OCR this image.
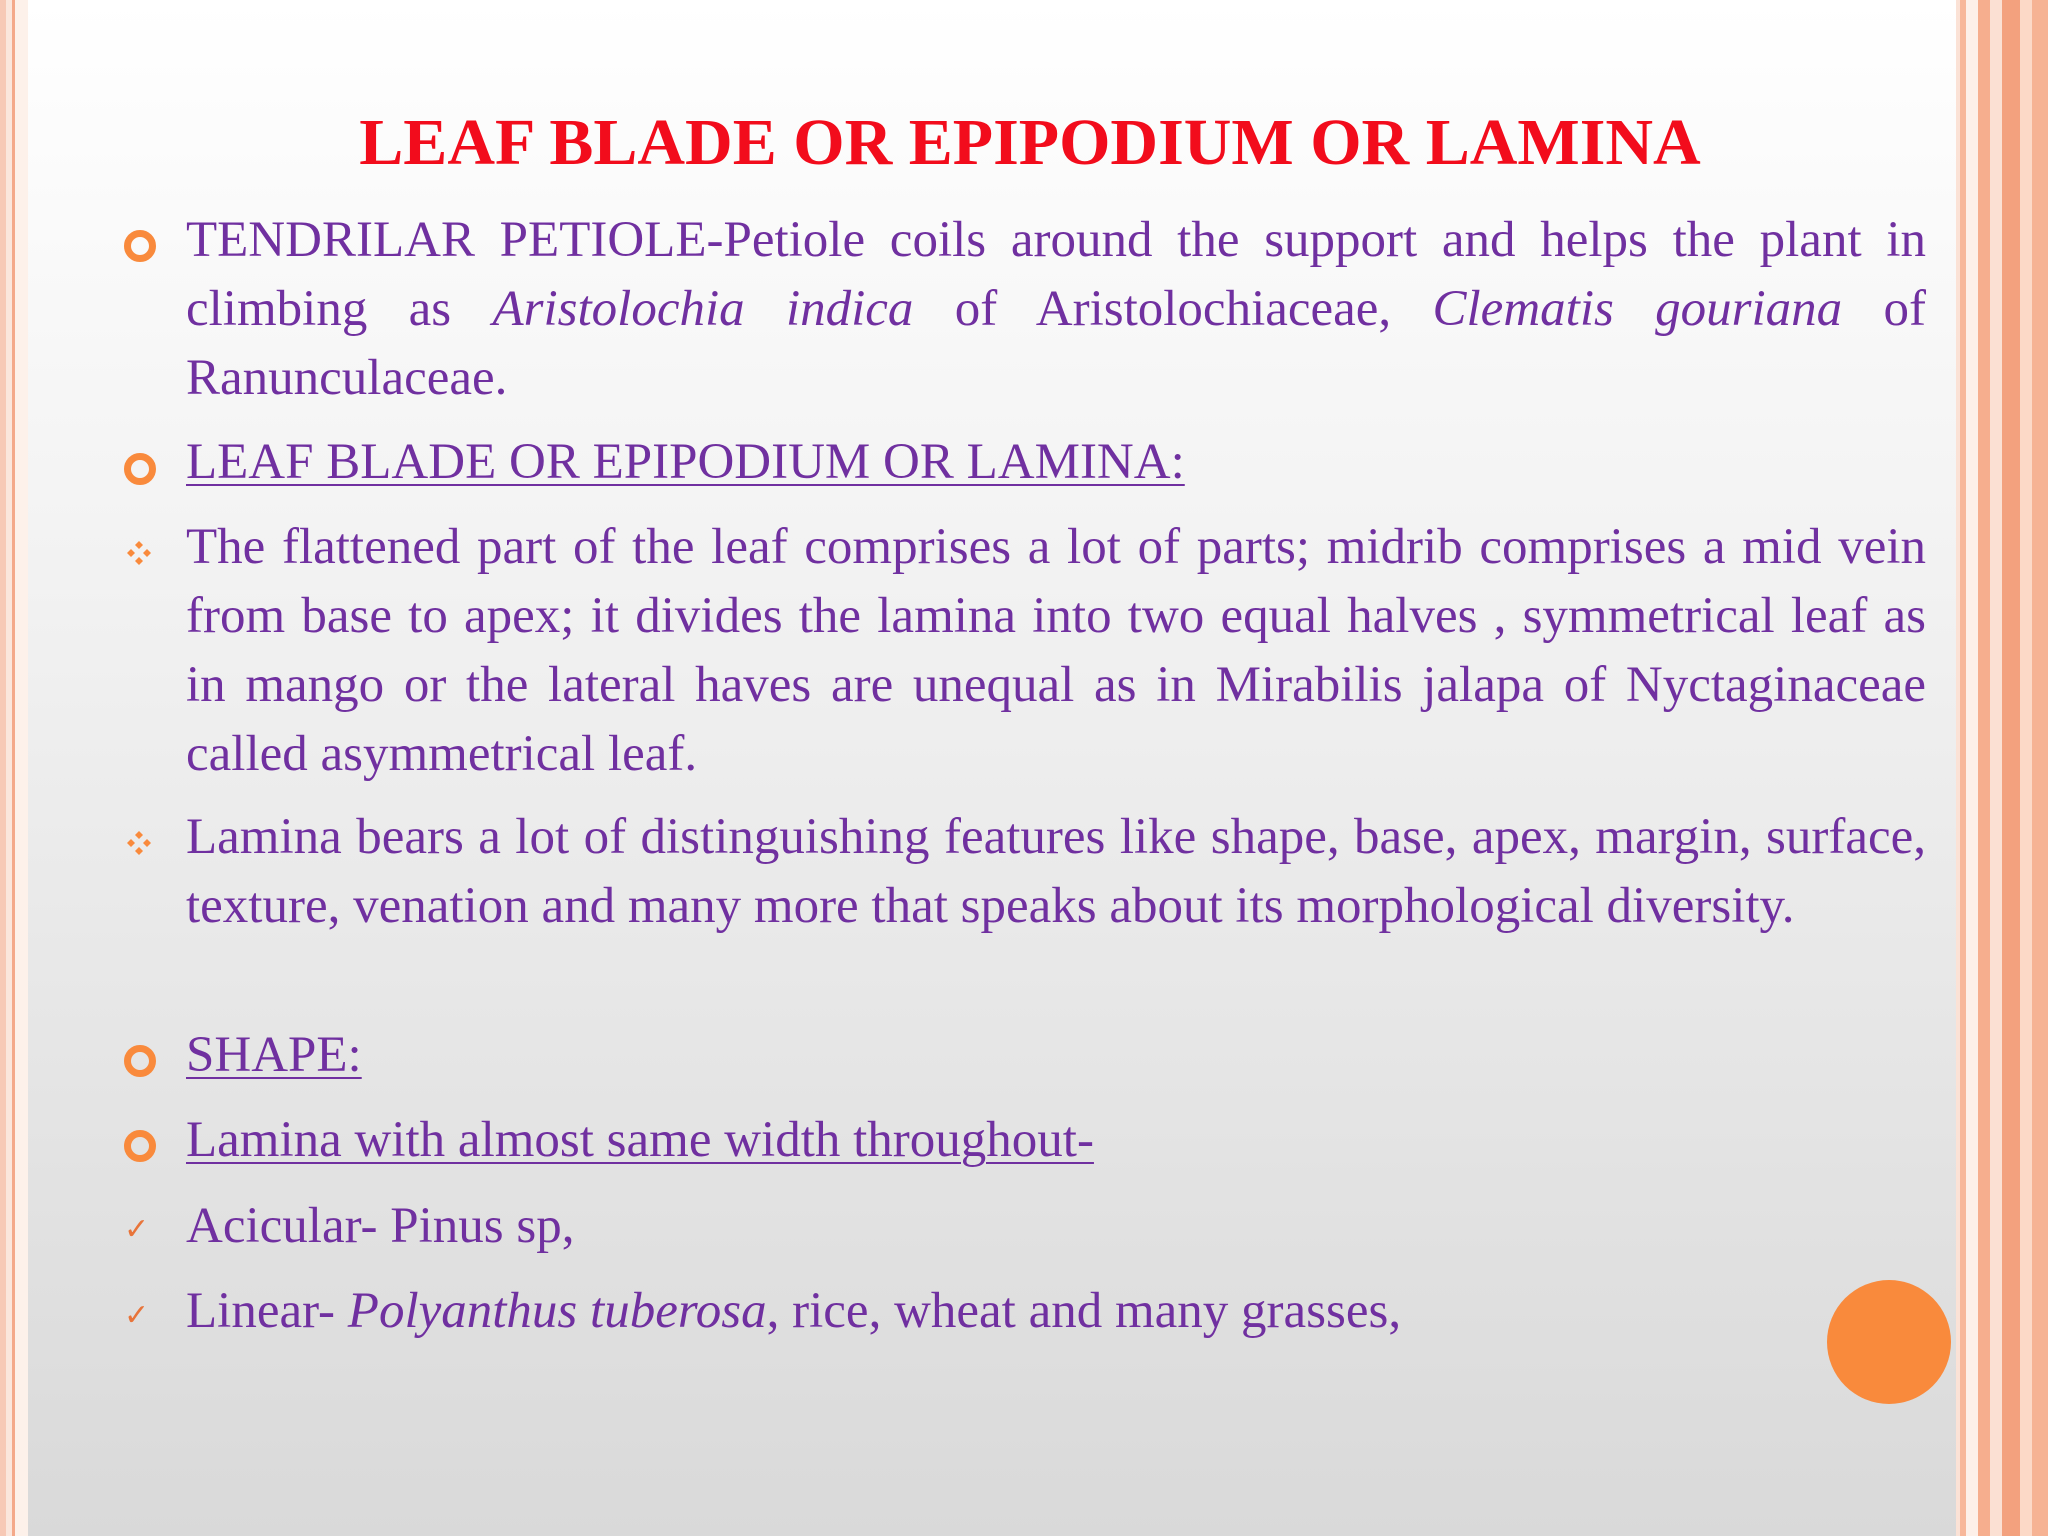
LEAF BLADE OR EPIPODIUM OR LAMINA
TENDRILAR PETIOLE-Petiole coils around the support and helps the plant in climbing as Aristolochia indica of Aristolochiaceae, Clematis gouriana of Ranunculaceae.
LEAF BLADE OR EPIPODIUM OR LAMINA:
The flattened part of the leaf comprises a lot of parts; midrib comprises a mid vein from base to apex; it divides the lamina into two equal halves , symmetrical leaf as in mango or the lateral haves are unequal as in Mirabilis jalapa of Nyctaginaceae called asymmetrical leaf.
Lamina bears a lot of distinguishing features like shape, base, apex, margin, surface, texture, venation and many more that speaks about its morphological diversity.
SHAPE:
Lamina with almost same width throughout-
✓ Acicular- Pinus sp,
✓ Linear- Polyanthus tuberosa, rice, wheat and many grasses,
